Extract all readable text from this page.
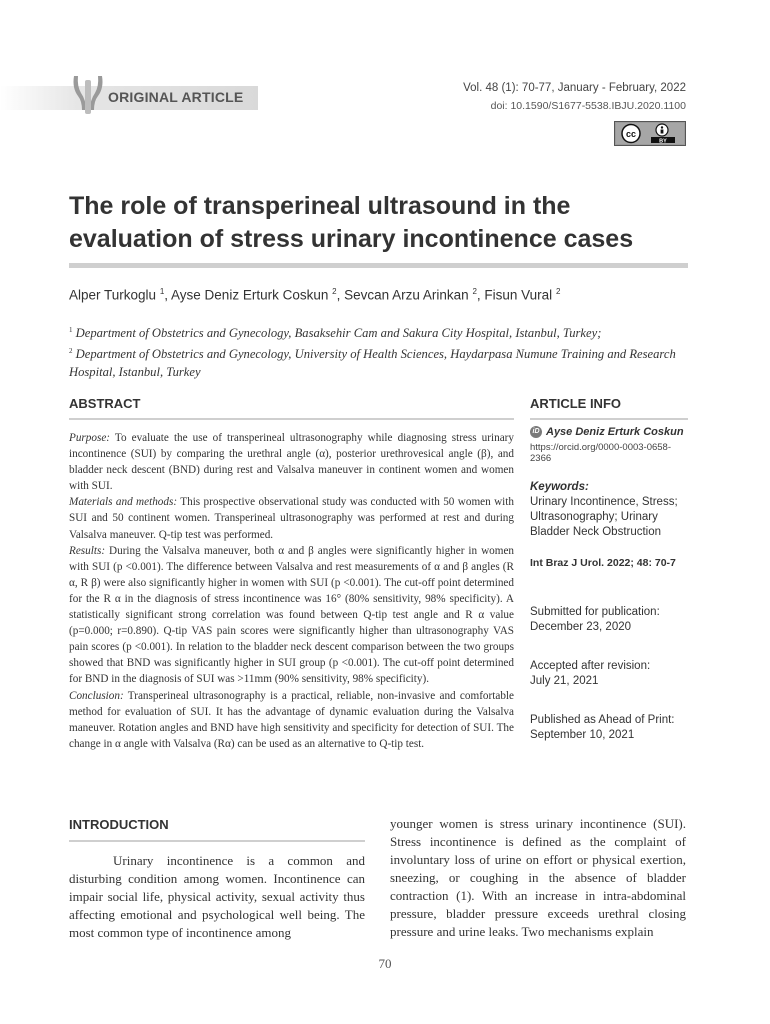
ORIGINAL ARTICLE
Vol. 48 (1): 70-77, January - February, 2022
doi: 10.1590/S1677-5538.IBJU.2020.1100
cc
BY
The role of transperineal ultrasound in the evaluation of stress urinary incontinence cases
Alper Turkoglu $^1$, Ayse Deniz Erturk Coskun $^2$, Sevcan Arzu Arinkan $^2$, Fisun Vural $^2$
$^1$ Department of Obstetrics and Gynecology, Basaksehir Cam and Sakura City Hospital, Istanbul, Turkey;
$^2$ Department of Obstetrics and Gynecology, University of Health Sciences, Haydarpasa Numune Training and Research Hospital, Istanbul, Turkey
ABSTRACT	ARTICLE INFO

Purpose: To evaluate the use of transperineal ultrasonography while diagnosing stress urinary incontinence (SUI) by comparing the urethral angle (α), posterior urethrovesical angle (β), and bladder neck descent (BND) during rest and Valsalva maneuver in continent women and women with SUI.

Materials and methods: This prospective observational study was conducted with 50 women with SUI and 50 continent women. Transperineal ultrasonography was performed at rest and during Valsalva maneuver. Q-tip test was performed.

Results: During the Valsalva maneuver, both α and β angles were significantly higher in women with SUI (p <0.001). The difference between Valsalva and rest measurements of α and β angles (R α, R β) were also significantly higher in women with SUI (p <0.001). The cut-off point determined for the R α in the diagnosis of stress incontinence was 16° (80% sensitivity, 98% specificity). A statistically significant strong correlation was found between Q-tip test angle and R α value (p=0.000; r=0.890). Q-tip VAS pain scores were significantly higher than ultrasonography VAS pain scores (p <0.001). In relation to the bladder neck descent comparison between the two groups showed that BND was significantly higher in SUI group (p <0.001). The cut-off point determined for BND in the diagnosis of SUI was >11mm (90% sensitivity, 98% specificity).

Conclusion: Transperineal ultrasonography is a practical, reliable, non-invasive and comfortable method for evaluation of SUI. It has the advantage of dynamic evaluation during the Valsalva maneuver. Rotation angles and BND have high sensitivity and specificity for detection of SUI. The change in α angle with Valsalva (Rα) can be used as an alternative to Q-tip test.

iD Ayse Deniz Erturk Coskun
https://orcid.org/0000-0003-0658-2366
Keywords:
Urinary Incontinence, Stress; Ultrasonography; Urinary Bladder Neck Obstruction
Int Braz J Urol. 2022; 48: 70-7
Submitted for publication:
December 23, 2020
Accepted after revision:
July 21, 2021
Published as Ahead of Print:
September 10, 2021
INTRODUCTION

Urinary incontinence is a common and disturbing condition among women. Incontinence can impair social life, physical activity, sexual activity thus affecting emotional and psychological well being. The most common type of incontinence among

younger women is stress urinary incontinence (SUI). Stress incontinence is defined as the complaint of involuntary loss of urine on effort or physical exertion, sneezing, or coughing in the absence of bladder contraction (1). With an increase in intra-abdominal pressure, bladder pressure exceeds urethral closing pressure and urine leaks. Two mechanisms explain

70
